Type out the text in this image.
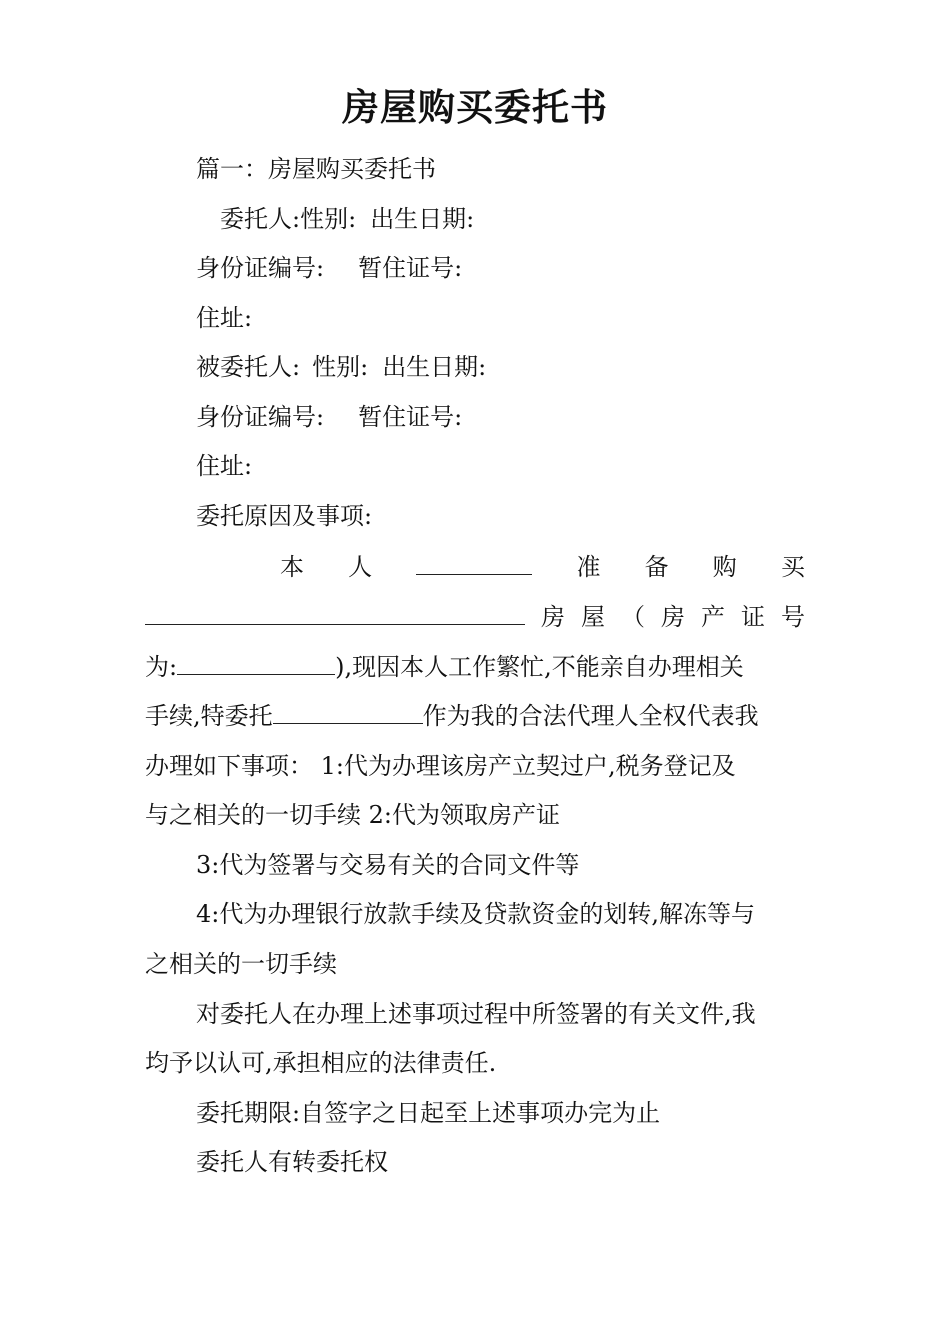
房屋购买委托书
篇一：房屋购买委托书
委托人:性别: 出生日期:
身份证编号: 暂住证号:
住址:
被委托人: 性别: 出生日期:
身份证编号: 暂住证号:
住址:
委托原因及事项:
本 人	准 备 购 买
房 屋 （ 房 产 证 号
为:	),现因本人工作繁忙,不能亲自办理相关
手续,特委托	作为我的合法代理人全权代表我
办理如下事项： 1:代为办理该房产立契过户,税务登记及
与之相关的一切手续 2:代为领取房产证
3:代为签署与交易有关的合同文件等
4:代为办理银行放款手续及贷款资金的划转,解冻等与
之相关的一切手续
对委托人在办理上述事项过程中所签署的有关文件,我
均予以认可,承担相应的法律责任.
委托期限:自签字之日起至上述事项办完为止
委托人有转委托权
